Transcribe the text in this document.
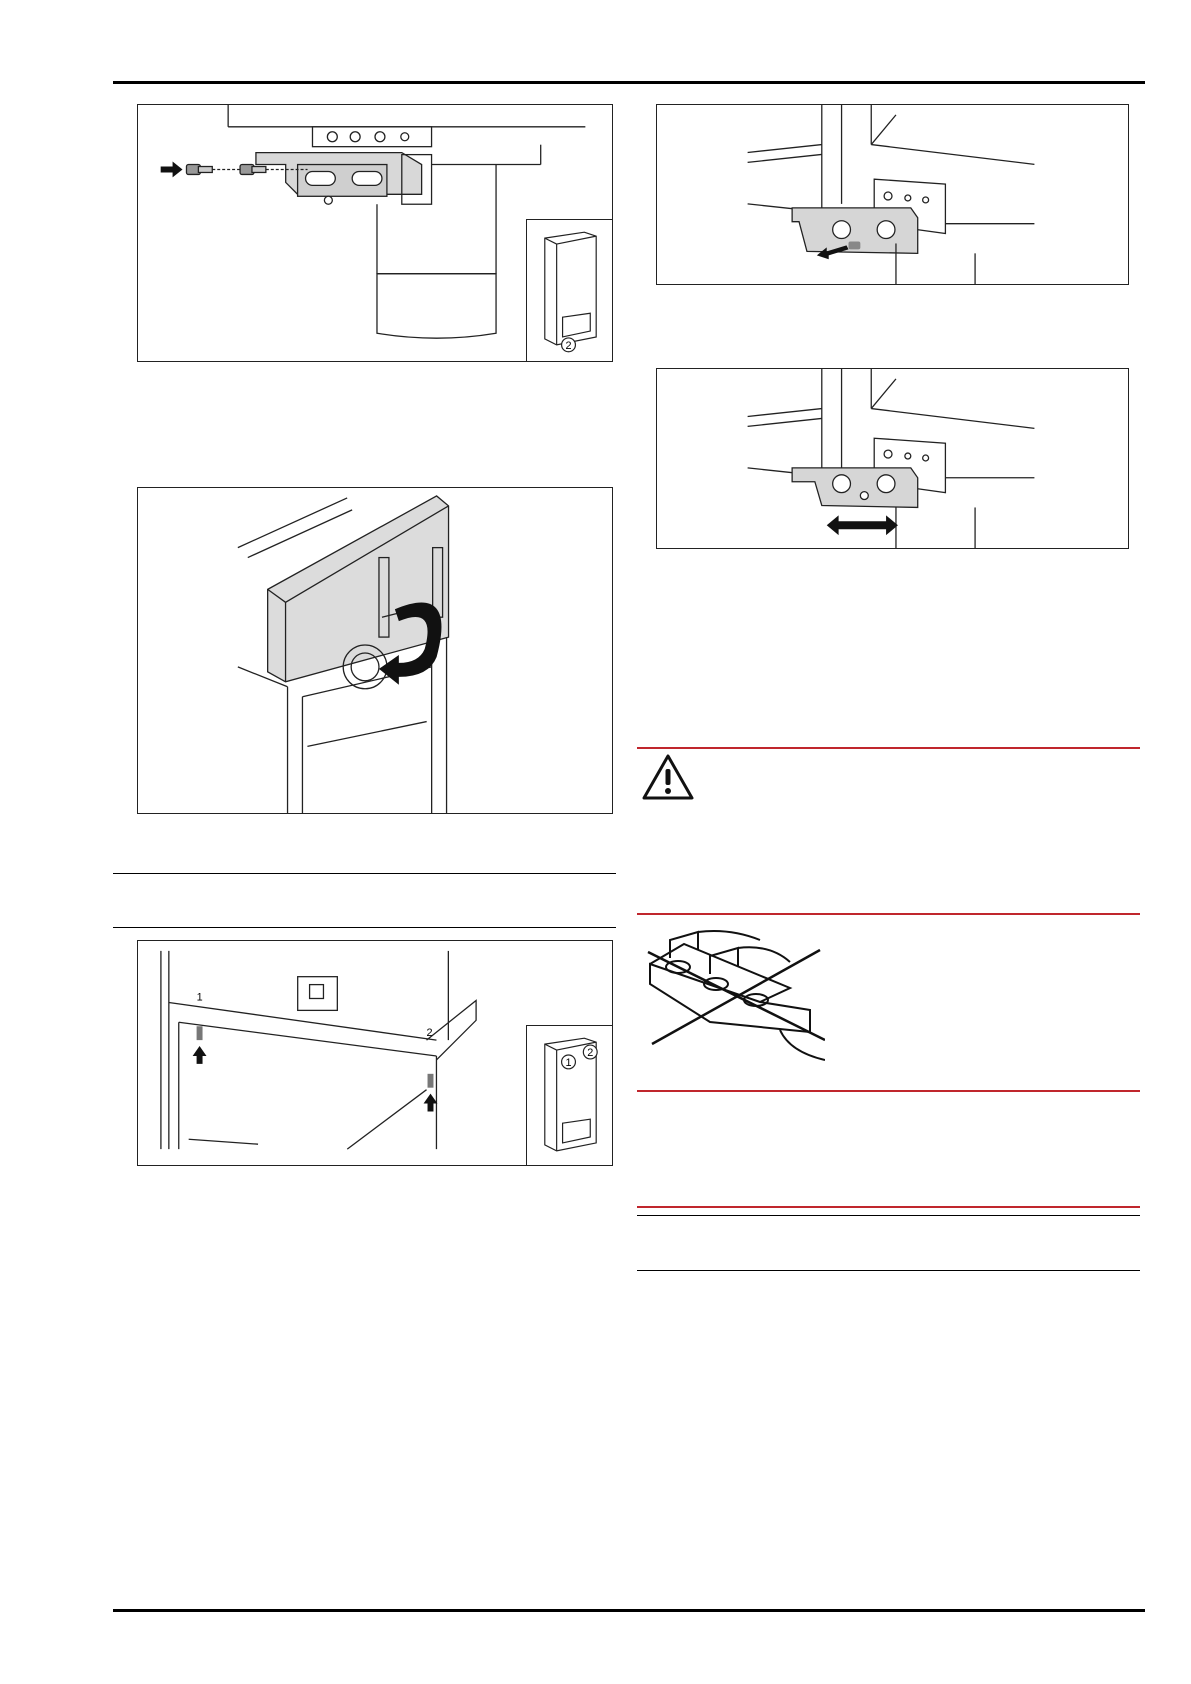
2
1
2
1
2
